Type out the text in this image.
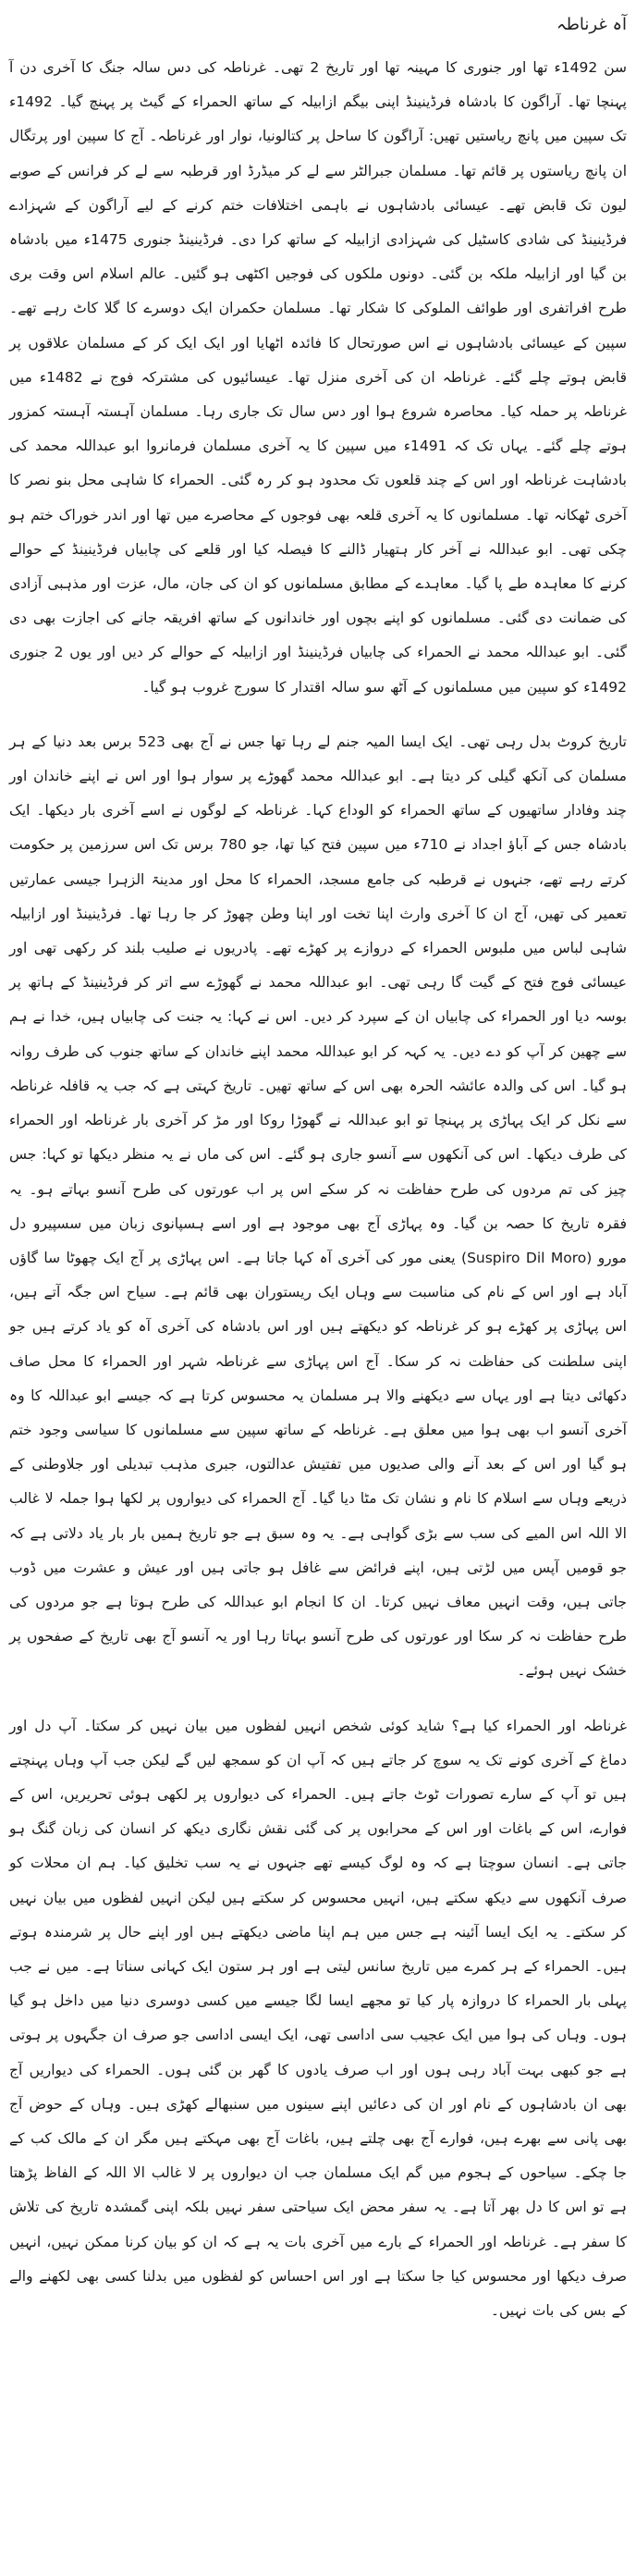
آہ غرناطہ

سن 1492ء تھا اور جنوری کا مہینہ تھا اور تاریخ 2 تھی۔ غرناطہ کی دس سالہ جنگ کا آخری دن آ پہنچا تھا۔ آراگون کا بادشاہ فرڈینینڈ اپنی بیگم ازابیلہ کے ساتھ الحمراء کے گیٹ پر پہنچ گیا۔ 1492ء تک سپین میں پانچ ریاستیں تھیں: آراگون کا ساحل پر کتالونیا، نوار اور غرناطہ۔ آج کا سپین اور پرتگال ان پانچ ریاستوں پر قائم تھا۔ مسلمان جبرالٹر سے لے کر میڈرڈ اور قرطبہ سے لے کر فرانس کے صوبے لیون تک قابض تھے۔ عیسائی بادشاہوں نے باہمی اختلافات ختم کرنے کے لیے آراگون کے شہزادے فرڈینینڈ کی شادی کاسٹیل کی شہزادی ازابیلہ کے ساتھ کرا دی۔ فرڈینینڈ جنوری 1475ء میں بادشاہ بن گیا اور ازابیلہ ملکہ بن گئی۔ دونوں ملکوں کی فوجیں اکٹھی ہو گئیں۔ عالم اسلام اس وقت بری طرح افراتفری اور طوائف الملوکی کا شکار تھا۔ مسلمان حکمران ایک دوسرے کا گلا کاٹ رہے تھے۔ سپین کے عیسائی بادشاہوں نے اس صورتحال کا فائدہ اٹھایا اور ایک ایک کر کے مسلمان علاقوں پر قابض ہوتے چلے گئے۔ غرناطہ ان کی آخری منزل تھا۔ عیسائیوں کی مشترکہ فوج نے 1482ء میں غرناطہ پر حملہ کیا۔ محاصرہ شروع ہوا اور دس سال تک جاری رہا۔ مسلمان آہستہ آہستہ کمزور ہوتے چلے گئے۔ یہاں تک کہ 1491ء میں سپین کا یہ آخری مسلمان فرمانروا ابو عبداللہ محمد کی بادشاہت غرناطہ اور اس کے چند قلعوں تک محدود ہو کر رہ گئی۔ الحمراء کا شاہی محل بنو نصر کا آخری ٹھکانہ تھا۔ مسلمانوں کا یہ آخری قلعہ بھی فوجوں کے محاصرے میں تھا اور اندر خوراک ختم ہو چکی تھی۔ ابو عبداللہ نے آخر کار ہتھیار ڈالنے کا فیصلہ کیا اور قلعے کی چابیاں فرڈینینڈ کے حوالے کرنے کا معاہدہ طے پا گیا۔ معاہدے کے مطابق مسلمانوں کو ان کی جان، مال، عزت اور مذہبی آزادی کی ضمانت دی گئی۔ مسلمانوں کو اپنے بچوں اور خاندانوں کے ساتھ افریقہ جانے کی اجازت بھی دی گئی۔ ابو عبداللہ محمد نے الحمراء کی چابیاں فرڈینینڈ اور ازابیلہ کے حوالے کر دیں اور یوں 2 جنوری 1492ء کو سپین میں مسلمانوں کے آٹھ سو سالہ اقتدار کا سورج غروب ہو گیا۔

تاریخ کروٹ بدل رہی تھی۔ ایک ایسا المیہ جنم لے رہا تھا جس نے آج بھی 523 برس بعد دنیا کے ہر مسلمان کی آنکھ گیلی کر دیتا ہے۔ ابو عبداللہ محمد گھوڑے پر سوار ہوا اور اس نے اپنے خاندان اور چند وفادار ساتھیوں کے ساتھ الحمراء کو الوداع کہا۔ غرناطہ کے لوگوں نے اسے آخری بار دیکھا۔ ایک بادشاہ جس کے آباؤ اجداد نے 710ء میں سپین فتح کیا تھا، جو 780 برس تک اس سرزمین پر حکومت کرتے رہے تھے، جنہوں نے قرطبہ کی جامع مسجد، الحمراء کا محل اور مدینۃ الزہرا جیسی عمارتیں تعمیر کی تھیں، آج ان کا آخری وارث اپنا تخت اور اپنا وطن چھوڑ کر جا رہا تھا۔ فرڈینینڈ اور ازابیلہ شاہی لباس میں ملبوس الحمراء کے دروازے پر کھڑے تھے۔ پادریوں نے صلیب بلند کر رکھی تھی اور عیسائی فوج فتح کے گیت گا رہی تھی۔ ابو عبداللہ محمد نے گھوڑے سے اتر کر فرڈینینڈ کے ہاتھ پر بوسہ دیا اور الحمراء کی چابیاں ان کے سپرد کر دیں۔ اس نے کہا: یہ جنت کی چابیاں ہیں، خدا نے ہم سے چھین کر آپ کو دے دیں۔ یہ کہہ کر ابو عبداللہ محمد اپنے خاندان کے ساتھ جنوب کی طرف روانہ ہو گیا۔ اس کی والدہ عائشہ الحرہ بھی اس کے ساتھ تھیں۔ تاریخ کہتی ہے کہ جب یہ قافلہ غرناطہ سے نکل کر ایک پہاڑی پر پہنچا تو ابو عبداللہ نے گھوڑا روکا اور مڑ کر آخری بار غرناطہ اور الحمراء کی طرف دیکھا۔ اس کی آنکھوں سے آنسو جاری ہو گئے۔ اس کی ماں نے یہ منظر دیکھا تو کہا: جس چیز کی تم مردوں کی طرح حفاظت نہ کر سکے اس پر اب عورتوں کی طرح آنسو بہاتے ہو۔ یہ فقرہ تاریخ کا حصہ بن گیا۔ وہ پہاڑی آج بھی موجود ہے اور اسے ہسپانوی زبان میں سسپیرو دل مورو (Suspiro Dil Moro) یعنی مور کی آخری آہ کہا جاتا ہے۔ اس پہاڑی پر آج ایک چھوٹا سا گاؤں آباد ہے اور اس کے نام کی مناسبت سے وہاں ایک ریستوران بھی قائم ہے۔ سیاح اس جگہ آتے ہیں، اس پہاڑی پر کھڑے ہو کر غرناطہ کو دیکھتے ہیں اور اس بادشاہ کی آخری آہ کو یاد کرتے ہیں جو اپنی سلطنت کی حفاظت نہ کر سکا۔ آج اس پہاڑی سے غرناطہ شہر اور الحمراء کا محل صاف دکھائی دیتا ہے اور یہاں سے دیکھنے والا ہر مسلمان یہ محسوس کرتا ہے کہ جیسے ابو عبداللہ کا وہ آخری آنسو اب بھی ہوا میں معلق ہے۔ غرناطہ کے ساتھ سپین سے مسلمانوں کا سیاسی وجود ختم ہو گیا اور اس کے بعد آنے والی صدیوں میں تفتیش عدالتوں، جبری مذہب تبدیلی اور جلاوطنی کے ذریعے وہاں سے اسلام کا نام و نشان تک مٹا دیا گیا۔ آج الحمراء کی دیواروں پر لکھا ہوا جملہ لا غالب الا اللہ اس المیے کی سب سے بڑی گواہی ہے۔ یہ وہ سبق ہے جو تاریخ ہمیں بار بار یاد دلاتی ہے کہ جو قومیں آپس میں لڑتی ہیں، اپنے فرائض سے غافل ہو جاتی ہیں اور عیش و عشرت میں ڈوب جاتی ہیں، وقت انہیں معاف نہیں کرتا۔ ان کا انجام ابو عبداللہ کی طرح ہوتا ہے جو مردوں کی طرح حفاظت نہ کر سکا اور عورتوں کی طرح آنسو بہاتا رہا اور یہ آنسو آج بھی تاریخ کے صفحوں پر خشک نہیں ہوئے۔

غرناطہ اور الحمراء کیا ہے؟ شاید کوئی شخص انہیں لفظوں میں بیان نہیں کر سکتا۔ آپ دل اور دماغ کے آخری کونے تک یہ سوچ کر جاتے ہیں کہ آپ ان کو سمجھ لیں گے لیکن جب آپ وہاں پہنچتے ہیں تو آپ کے سارے تصورات ٹوٹ جاتے ہیں۔ الحمراء کی دیواروں پر لکھی ہوئی تحریریں، اس کے فوارے، اس کے باغات اور اس کے محرابوں پر کی گئی نقش نگاری دیکھ کر انسان کی زبان گنگ ہو جاتی ہے۔ انسان سوچتا ہے کہ وہ لوگ کیسے تھے جنہوں نے یہ سب تخلیق کیا۔ ہم ان محلات کو صرف آنکھوں سے دیکھ سکتے ہیں، انہیں محسوس کر سکتے ہیں لیکن انہیں لفظوں میں بیان نہیں کر سکتے۔ یہ ایک ایسا آئینہ ہے جس میں ہم اپنا ماضی دیکھتے ہیں اور اپنے حال پر شرمندہ ہوتے ہیں۔ الحمراء کے ہر کمرے میں تاریخ سانس لیتی ہے اور ہر ستون ایک کہانی سناتا ہے۔ میں نے جب پہلی بار الحمراء کا دروازہ پار کیا تو مجھے ایسا لگا جیسے میں کسی دوسری دنیا میں داخل ہو گیا ہوں۔ وہاں کی ہوا میں ایک عجیب سی اداسی تھی، ایک ایسی اداسی جو صرف ان جگہوں پر ہوتی ہے جو کبھی بہت آباد رہی ہوں اور اب صرف یادوں کا گھر بن گئی ہوں۔ الحمراء کی دیواریں آج بھی ان بادشاہوں کے نام اور ان کی دعائیں اپنے سینوں میں سنبھالے کھڑی ہیں۔ وہاں کے حوض آج بھی پانی سے بھرے ہیں، فوارے آج بھی چلتے ہیں، باغات آج بھی مہکتے ہیں مگر ان کے مالک کب کے جا چکے۔ سیاحوں کے ہجوم میں گم ایک مسلمان جب ان دیواروں پر لا غالب الا اللہ کے الفاظ پڑھتا ہے تو اس کا دل بھر آتا ہے۔ یہ سفر محض ایک سیاحتی سفر نہیں بلکہ اپنی گمشدہ تاریخ کی تلاش کا سفر ہے۔ غرناطہ اور الحمراء کے بارے میں آخری بات یہ ہے کہ ان کو بیان کرنا ممکن نہیں، انہیں صرف دیکھا اور محسوس کیا جا سکتا ہے اور اس احساس کو لفظوں میں بدلنا کسی بھی لکھنے والے کے بس کی بات نہیں۔
